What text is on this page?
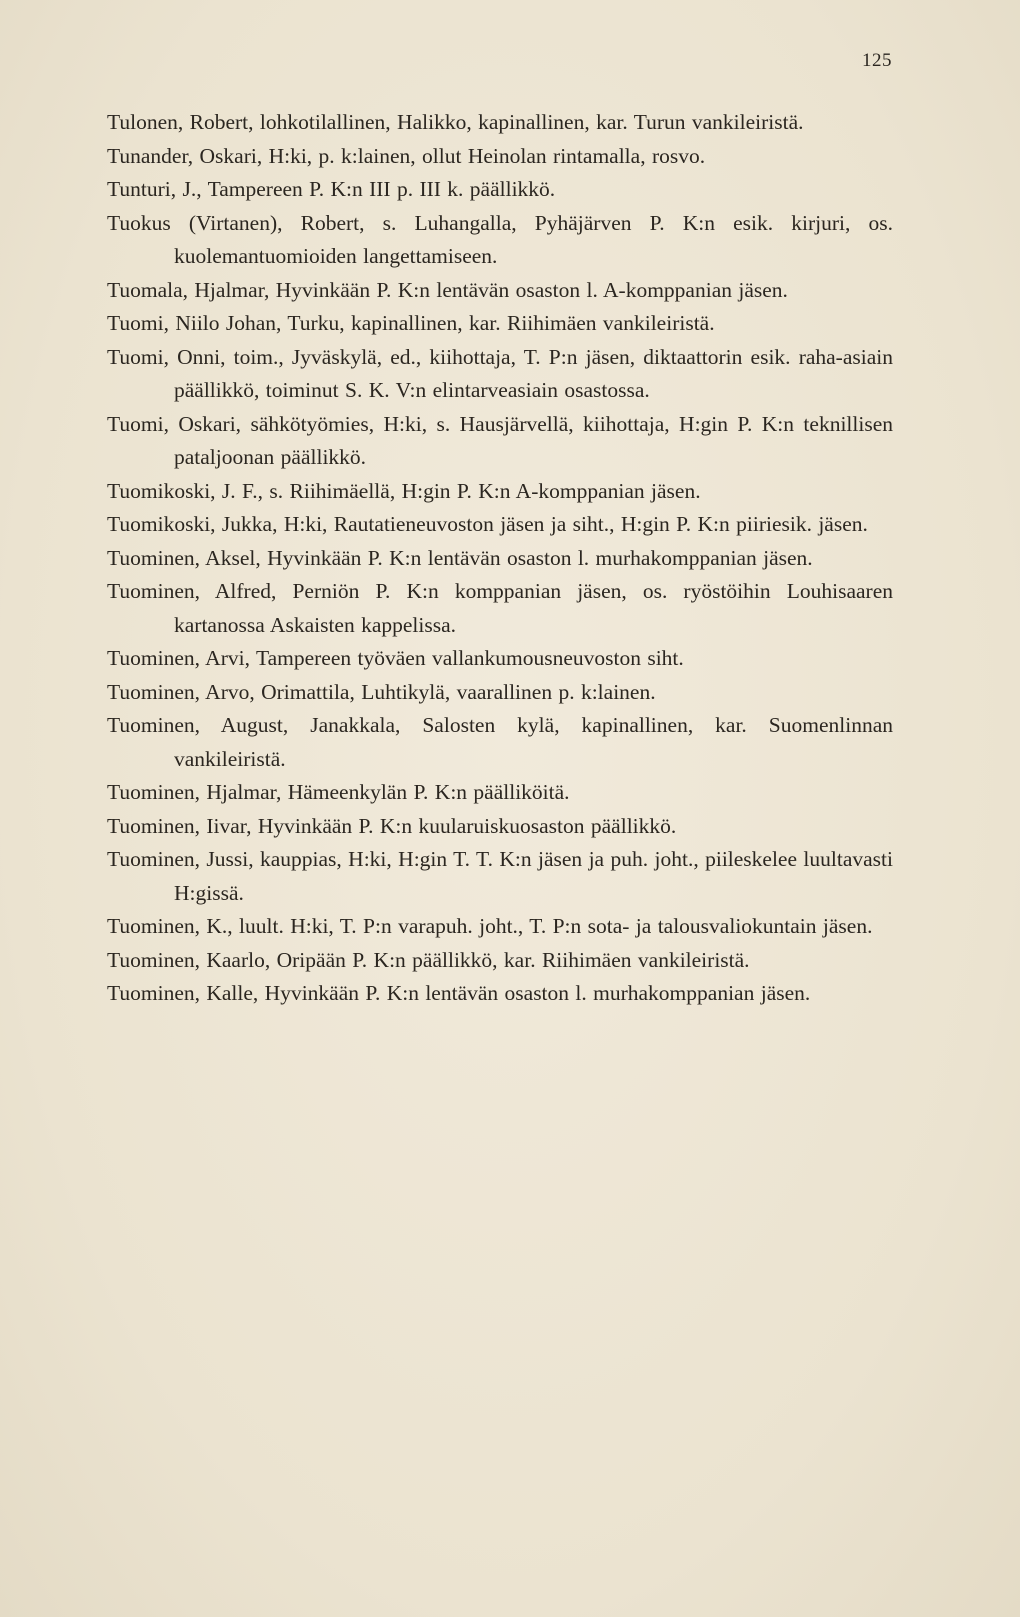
125
Tulonen, Robert, lohkotilallinen, Halikko, kapinallinen, kar. Turun vankileiristä.
Tunander, Oskari, H:ki, p. k:lainen, ollut Heinolan rintamalla, rosvo.
Tunturi, J., Tampereen P. K:n III p. III k. päällikkö.
Tuokus (Virtanen), Robert, s. Luhangalla, Pyhäjärven P. K:n esik. kirjuri, os. kuolemantuomioiden langettamiseen.
Tuomala, Hjalmar, Hyvinkään P. K:n lentävän osaston l. A-komppanian jäsen.
Tuomi, Niilo Johan, Turku, kapinallinen, kar. Riihimäen vankileiristä.
Tuomi, Onni, toim., Jyväskylä, ed., kiihottaja, T. P:n jäsen, diktaattorin esik. raha-asiain päällikkö, toiminut S. K. V:n elintarveasiain osastossa.
Tuomi, Oskari, sähkötyömies, H:ki, s. Hausjärvellä, kiihottaja, H:gin P. K:n teknillisen pataljoonan päällikkö.
Tuomikoski, J. F., s. Riihimäellä, H:gin P. K:n A-komppanian jäsen.
Tuomikoski, Jukka, H:ki, Rautatieneuvoston jäsen ja siht., H:gin P. K:n piiriesik. jäsen.
Tuominen, Aksel, Hyvinkään P. K:n lentävän osaston l. murhakomppanian jäsen.
Tuominen, Alfred, Perniön P. K:n komppanian jäsen, os. ryöstöihin Louhisaaren kartanossa Askaisten kappelissa.
Tuominen, Arvi, Tampereen työväen vallankumousneuvoston siht.
Tuominen, Arvo, Orimattila, Luhtikylä, vaarallinen p. k:lainen.
Tuominen, August, Janakkala, Salosten kylä, kapinallinen, kar. Suomenlinnan vankileiristä.
Tuominen, Hjalmar, Hämeenkylän P. K:n päälliköitä.
Tuominen, Iivar, Hyvinkään P. K:n kuularuiskuosaston päällikkö.
Tuominen, Jussi, kauppias, H:ki, H:gin T. T. K:n jäsen ja puh. joht., piileskelee luultavasti H:gissä.
Tuominen, K., luult. H:ki, T. P:n varapuh. joht., T. P:n sota- ja talousvaliokuntain jäsen.
Tuominen, Kaarlo, Oripään P. K:n päällikkö, kar. Riihimäen vankileiristä.
Tuominen, Kalle, Hyvinkään P. K:n lentävän osaston l. murhakomppanian jäsen.
